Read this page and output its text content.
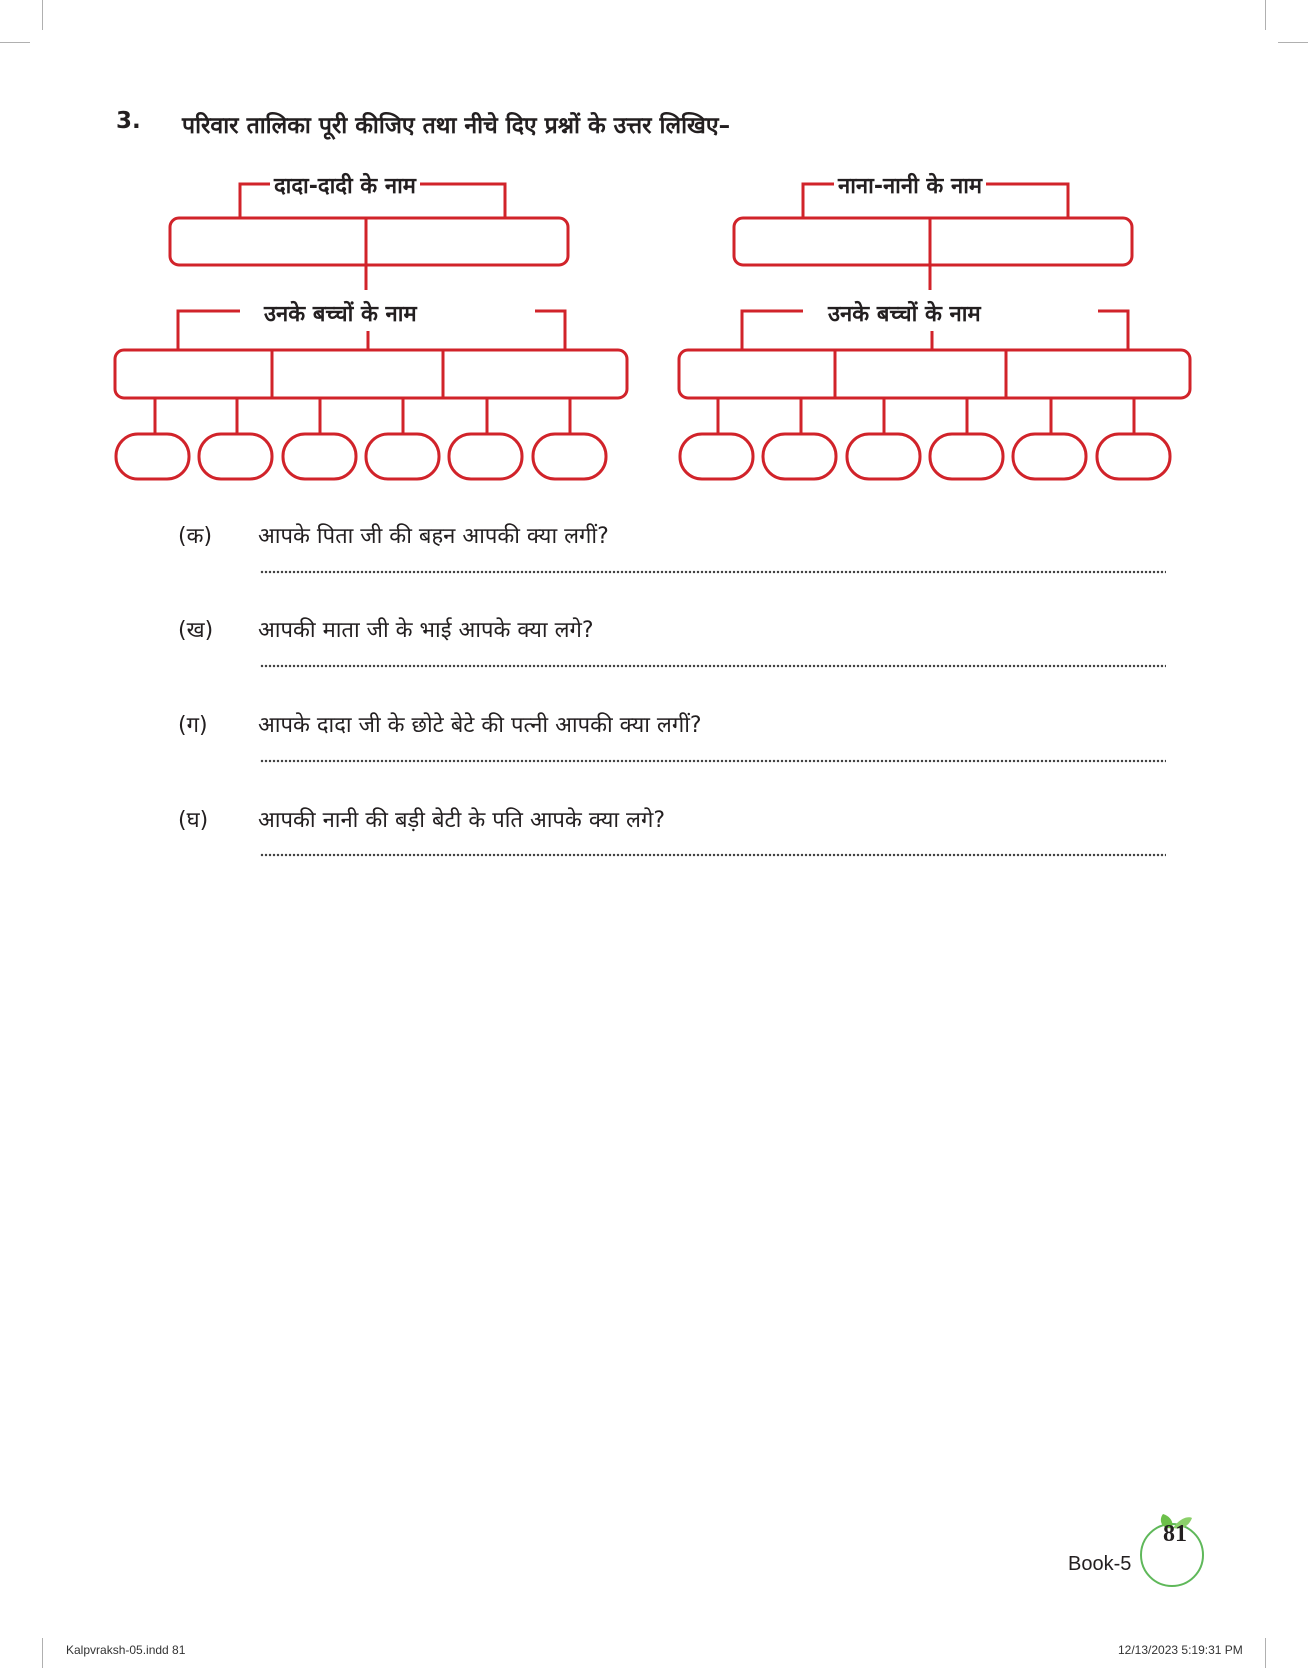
3. परिवार तालिका पूरी कीजिए तथा नीचे दिए प्रश्नों के उत्तर लिखिए–
दादा-दादी के नाम
उनके बच्चों के नाम
नाना-नानी के नाम
उनके बच्चों के नाम
(क) आपके पिता जी की बहन आपकी क्या लगीं?
(ख) आपकी माता जी के भाई आपके क्या लगे?
(ग) आपके दादा जी के छोटे बेटे की पत्नी आपकी क्या लगीं?
(घ) आपकी नानी की बड़ी बेटी के पति आपके क्या लगे?
Book-5
81
Kalpvraksh-05.indd 81	12/13/2023 5:19:31 PM
